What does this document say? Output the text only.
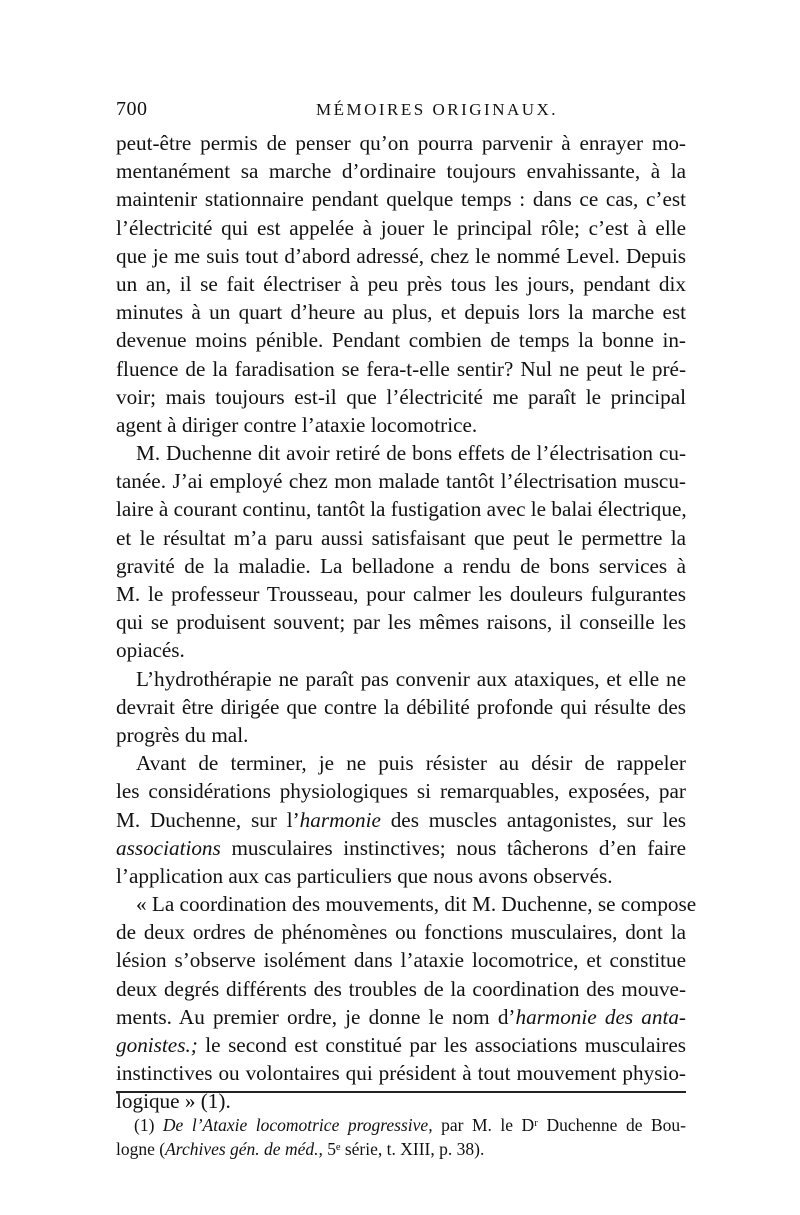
700	MÉMOIRES ORIGINAUX.
peut-être permis de penser qu’on pourra parvenir à enrayer mo-
mentanément sa marche d’ordinaire toujours envahissante, à la
maintenir stationnaire pendant quelque temps : dans ce cas, c’est
l’électricité qui est appelée à jouer le principal rôle; c’est à elle
que je me suis tout d’abord adressé, chez le nommé Level. Depuis
un an, il se fait électriser à peu près tous les jours, pendant dix
minutes à un quart d’heure au plus, et depuis lors la marche est
devenue moins pénible. Pendant combien de temps la bonne in-
fluence de la faradisation se fera-t-elle sentir? Nul ne peut le pré-
voir; mais toujours est-il que l’électricité me paraît le principal
agent à diriger contre l’ataxie locomotrice.
M. Duchenne dit avoir retiré de bons effets de l’électrisation cu-
tanée. J’ai employé chez mon malade tantôt l’électrisation muscu-
laire à courant continu, tantôt la fustigation avec le balai électrique,
et le résultat m’a paru aussi satisfaisant que peut le permettre la
gravité de la maladie. La belladone a rendu de bons services à
M. le professeur Trousseau, pour calmer les douleurs fulgurantes
qui se produisent souvent; par les mêmes raisons, il conseille les
opiacés.
L’hydrothérapie ne paraît pas convenir aux ataxiques, et elle ne
devrait être dirigée que contre la débilité profonde qui résulte des
progrès du mal.
Avant de terminer, je ne puis résister au désir de rappeler
les considérations physiologiques si remarquables, exposées, par
M. Duchenne, sur l’harmonie des muscles antagonistes, sur les
associations musculaires instinctives; nous tâcherons d’en faire
l’application aux cas particuliers que nous avons observés.
« La coordination des mouvements, dit M. Duchenne, se compose
de deux ordres de phénomènes ou fonctions musculaires, dont la
lésion s’observe isolément dans l’ataxie locomotrice, et constitue
deux degrés différents des troubles de la coordination des mouve-
ments. Au premier ordre, je donne le nom d’harmonie des anta-
gonistes.; le second est constitué par les associations musculaires
instinctives ou volontaires qui président à tout mouvement physio-
logique » (1).
(1) De l’Ataxie locomotrice progressive, par M. le Dʳ Duchenne de Bou-
logne (Archives gén. de méd., 5ᵉ série, t. XIII, p. 38).
